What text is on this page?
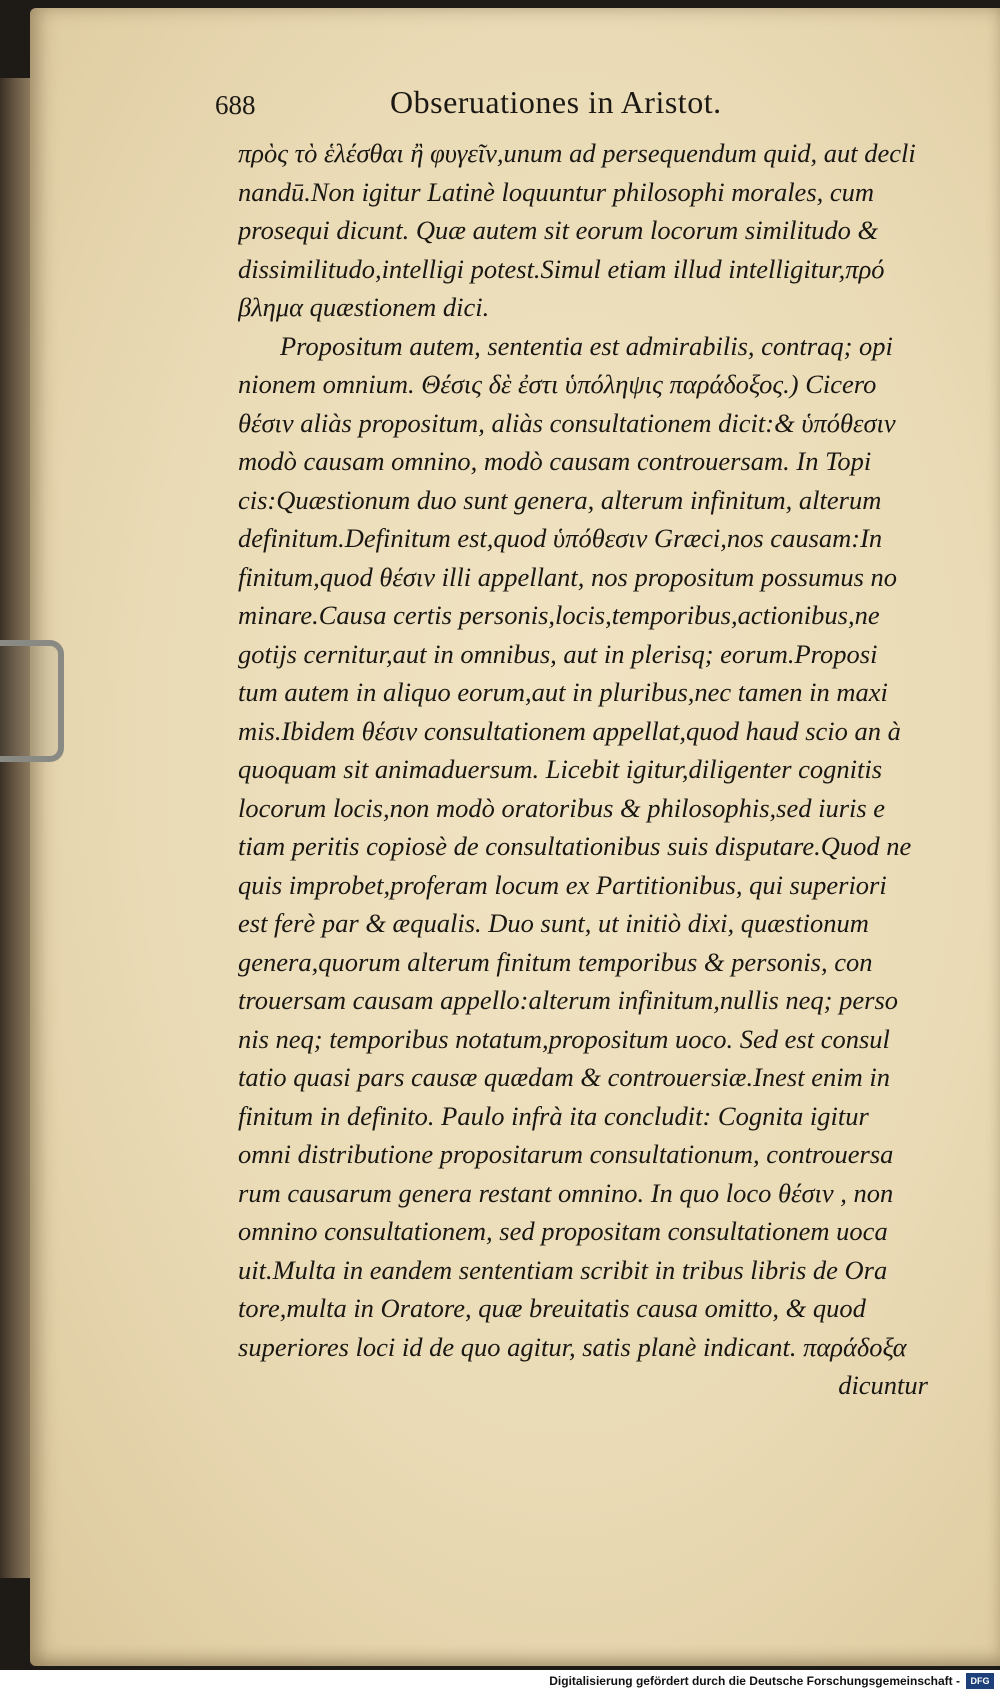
688	Obseruationes in Aristot.
πρὸς τὸ ἑλέσθαι ἢ φυγεῖν,unum ad persequendum quid, aut decli
nandū.Non igitur Latinè loquuntur philosophi morales, cum
prosequi dicunt. Quæ autem sit eorum locorum similitudo &
dissimilitudo,intelligi potest.Simul etiam illud intelligitur,πρό
βλημα quæstionem dici.
Propositum autem, sententia est admirabilis, contraq; opi
nionem omnium. Θέσις δὲ ἐστι ὑπόληψις παράδοξος.) Cicero
θέσιν aliàs propositum, aliàs consultationem dicit:& ὑπόθεσιν
modò causam omnino, modò causam controuersam. In Topi
cis:Quæstionum duo sunt genera, alterum infinitum, alterum
definitum.Definitum est,quod ὑπόθεσιν Græci,nos causam:In
finitum,quod θέσιν illi appellant, nos propositum possumus no
minare.Causa certis personis,locis,temporibus,actionibus,ne
gotijs cernitur,aut in omnibus, aut in plerisq; eorum.Proposi
tum autem in aliquo eorum,aut in pluribus,nec tamen in maxi
mis.Ibidem θέσιν consultationem appellat,quod haud scio an à
quoquam sit animaduersum. Licebit igitur,diligenter cognitis
locorum locis,non modò oratoribus & philosophis,sed iuris e
tiam peritis copiosè de consultationibus suis disputare.Quod ne
quis improbet,proferam locum ex Partitionibus, qui superiori
est ferè par & æqualis. Duo sunt, ut initiò dixi, quæstionum
genera,quorum alterum finitum temporibus & personis, con
trouersam causam appello:alterum infinitum,nullis neq; perso
nis neq; temporibus notatum,propositum uoco. Sed est consul
tatio quasi pars causæ quædam & controuersiæ.Inest enim in
finitum in definito. Paulo infrà ita concludit: Cognita igitur
omni distributione propositarum consultationum, controuersa
rum causarum genera restant omnino. In quo loco θέσιν , non
omnino consultationem, sed propositam consultationem uoca
uit.Multa in eandem sententiam scribit in tribus libris de Ora
tore,multa in Oratore, quæ breuitatis causa omitto, & quod
superiores loci id de quo agitur, satis planè indicant. παράδοξα
dicuntur
Digitalisierung gefördert durch die Deutsche Forschungsgemeinschaft -	DFG
